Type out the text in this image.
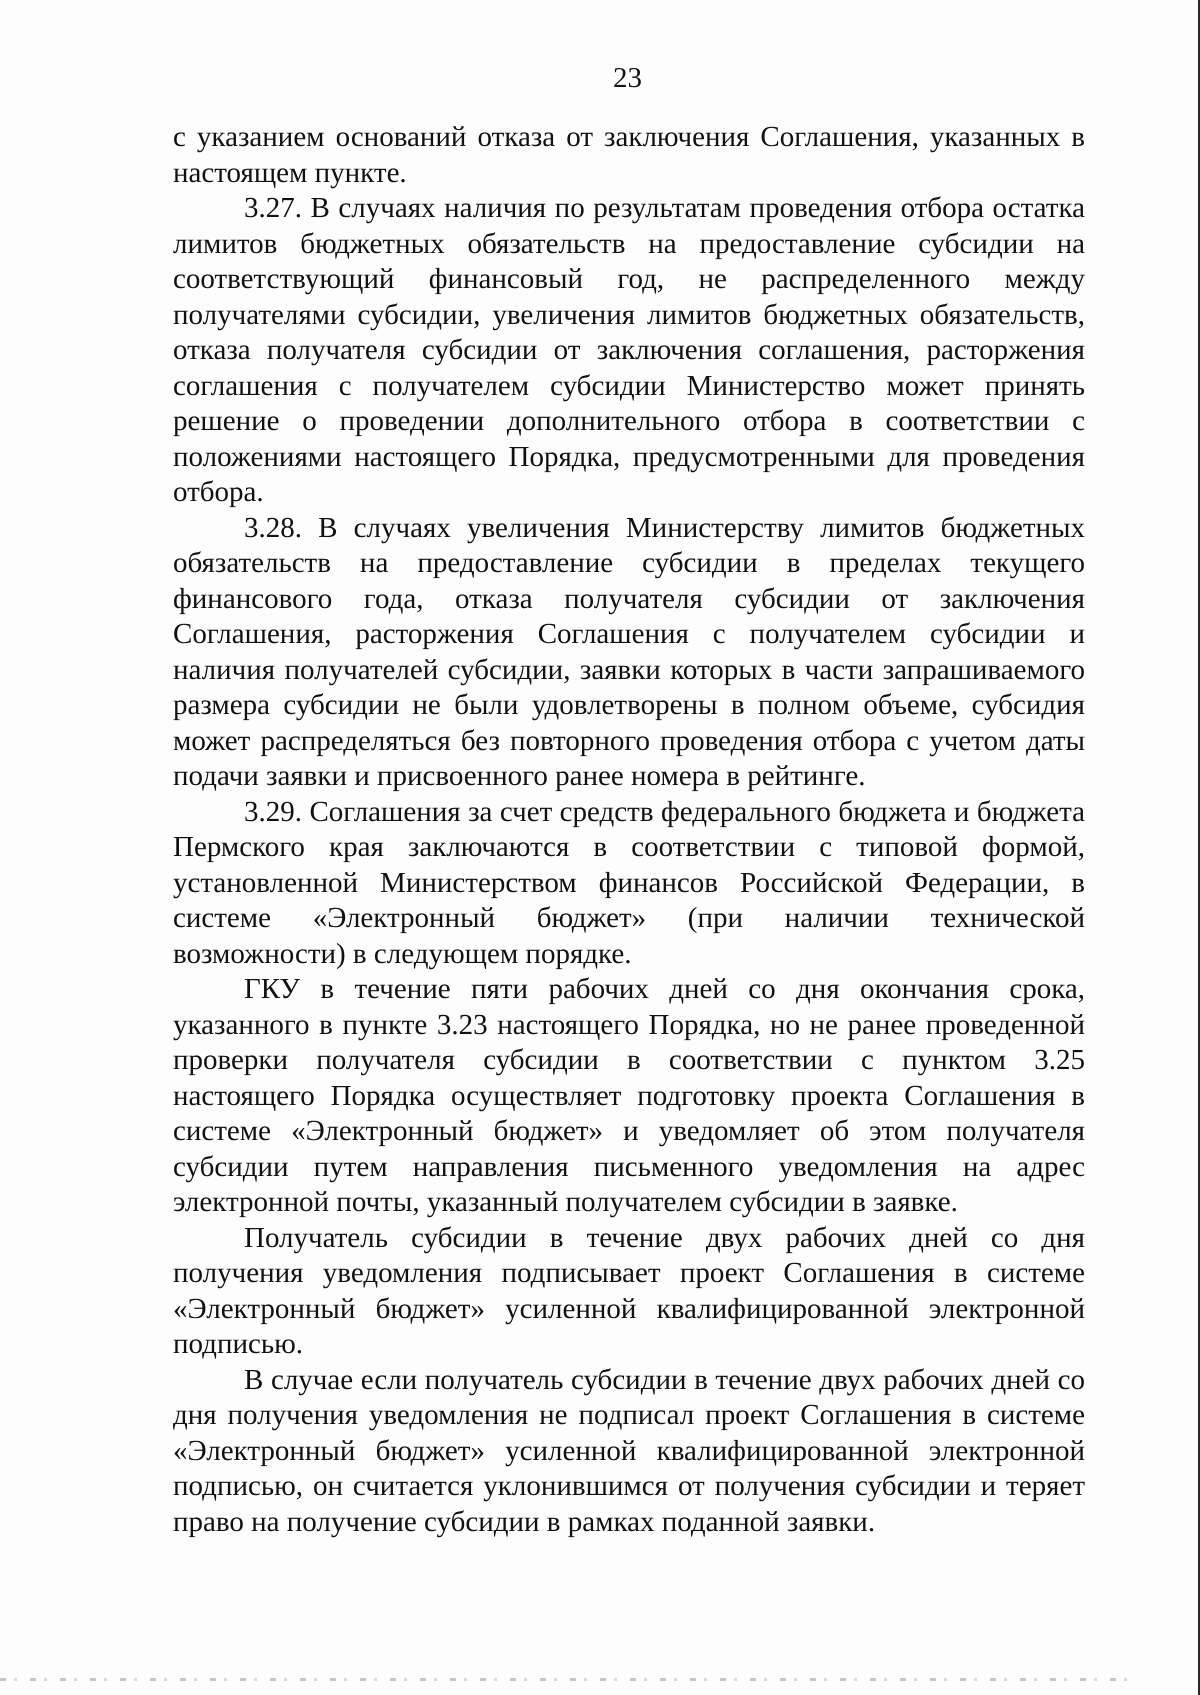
23

с указанием оснований отказа от заключения Соглашения, указанных в настоящем пункте.

3.27. В случаях наличия по результатам проведения отбора остатка лимитов бюджетных обязательств на предоставление субсидии на соответствующий финансовый год, не распределенного между получателями субсидии, увеличения лимитов бюджетных обязательств, отказа получателя субсидии от заключения соглашения, расторжения соглашения с получателем субсидии Министерство может принять решение о проведении дополнительного отбора в соответствии с положениями настоящего Порядка, предусмотренными для проведения отбора.

3.28. В случаях увеличения Министерству лимитов бюджетных обязательств на предоставление субсидии в пределах текущего финансового года, отказа получателя субсидии от заключения Соглашения, расторжения Соглашения с получателем субсидии и наличия получателей субсидии, заявки которых в части запрашиваемого размера субсидии не были удовлетворены в полном объеме, субсидия может распределяться без повторного проведения отбора с учетом даты подачи заявки и присвоенного ранее номера в рейтинге.

3.29. Соглашения за счет средств федерального бюджета и бюджета Пермского края заключаются в соответствии с типовой формой, установленной Министерством финансов Российской Федерации, в системе «Электронный бюджет» (при наличии технической возможности) в следующем порядке.

ГКУ в течение пяти рабочих дней со дня окончания срока, указанного в пункте 3.23 настоящего Порядка, но не ранее проведенной проверки получателя субсидии в соответствии с пунктом 3.25 настоящего Порядка осуществляет подготовку проекта Соглашения в системе «Электронный бюджет» и уведомляет об этом получателя субсидии путем направления письменного уведомления на адрес электронной почты, указанный получателем субсидии в заявке.

Получатель субсидии в течение двух рабочих дней со дня получения уведомления подписывает проект Соглашения в системе «Электронный бюджет» усиленной квалифицированной электронной подписью.

В случае если получатель субсидии в течение двух рабочих дней со дня получения уведомления не подписал проект Соглашения в системе «Электронный бюджет» усиленной квалифицированной электронной подписью, он считается уклонившимся от получения субсидии и теряет право на получение субсидии в рамках поданной заявки.
